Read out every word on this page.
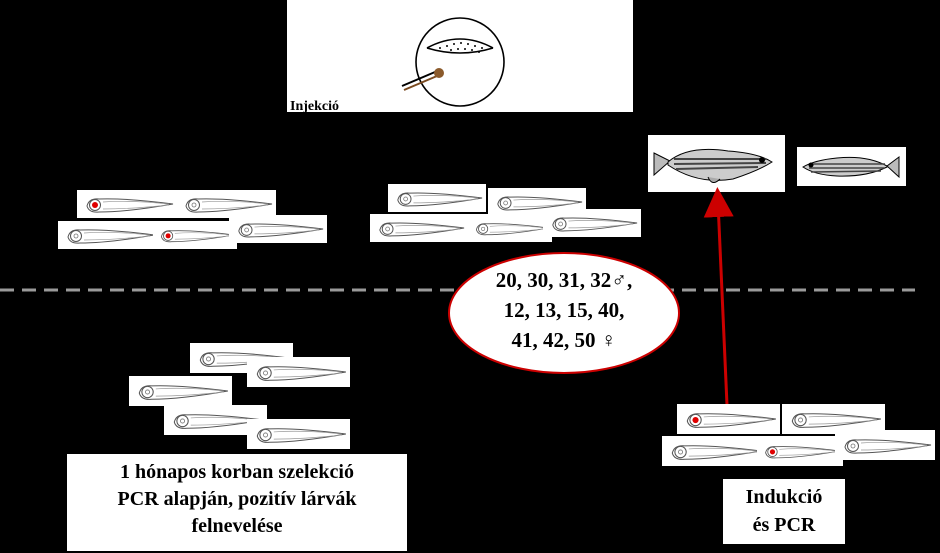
Injekció
x
20, 30, 31, 32♂,
12, 13, 15, 40,
41, 42, 50 ♀
1 hónapos korban szelekció
PCR alapján, pozitív lárvák
felnevelése
Indukció
és PCR
